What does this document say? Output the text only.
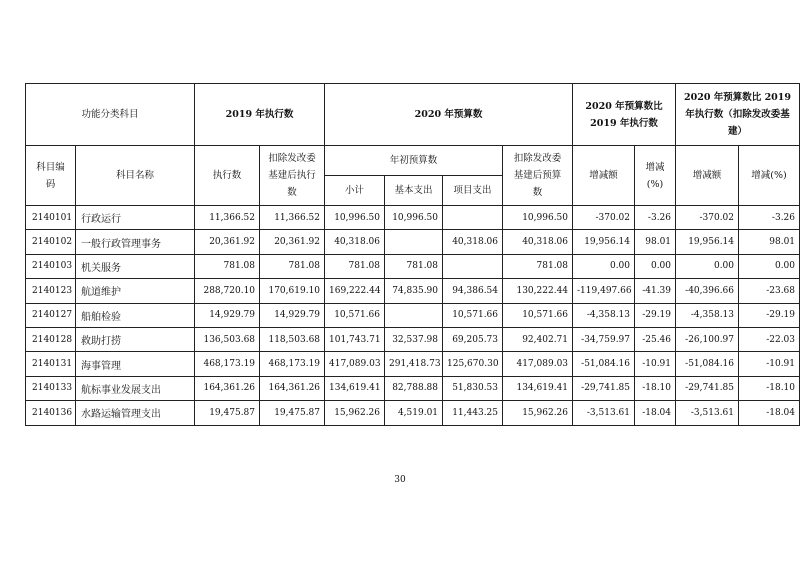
功能分类科目		2019 年执行数		2020 年预算数				2020 年预算数比 2019 年执行数		2020 年预算数比 2019 年执行数（扣除发改委基建）	
科目编码	科目名称	执行数	扣除发改委基建后执行数	年初预算数			扣除发改委基建后预算数	增减额	增减(%)	增减额	增减(%)
				小计	基本支出	项目支出					
2140101	行政运行	11,366.52	11,366.52	10,996.50	10,996.50		10,996.50	-370.02	-3.26	-370.02	-3.26
2140102	一般行政管理事务	20,361.92	20,361.92	40,318.06		40,318.06	40,318.06	19,956.14	98.01	19,956.14	98.01
2140103	机关服务	781.08	781.08	781.08	781.08		781.08	0.00	0.00	0.00	0.00
2140123	航道维护	288,720.10	170,619.10	169,222.44	74,835.90	94,386.54	130,222.44	-119,497.66	-41.39	-40,396.66	-23.68
2140127	船舶检验	14,929.79	14,929.79	10,571.66		10,571.66	10,571.66	-4,358.13	-29.19	-4,358.13	-29.19
2140128	救助打捞	136,503.68	118,503.68	101,743.71	32,537.98	69,205.73	92,402.71	-34,759.97	-25.46	-26,100.97	-22.03
2140131	海事管理	468,173.19	468,173.19	417,089.03	291,418.73	125,670.30	417,089.03	-51,084.16	-10.91	-51,084.16	-10.91
2140133	航标事业发展支出	164,361.26	164,361.26	134,619.41	82,788.88	51,830.53	134,619.41	-29,741.85	-18.10	-29,741.85	-18.10
2140136	水路运输管理支出	19,475.87	19,475.87	15,962.26	4,519.01	11,443.25	15,962.26	-3,513.61	-18.04	-3,513.61	-18.04
30
